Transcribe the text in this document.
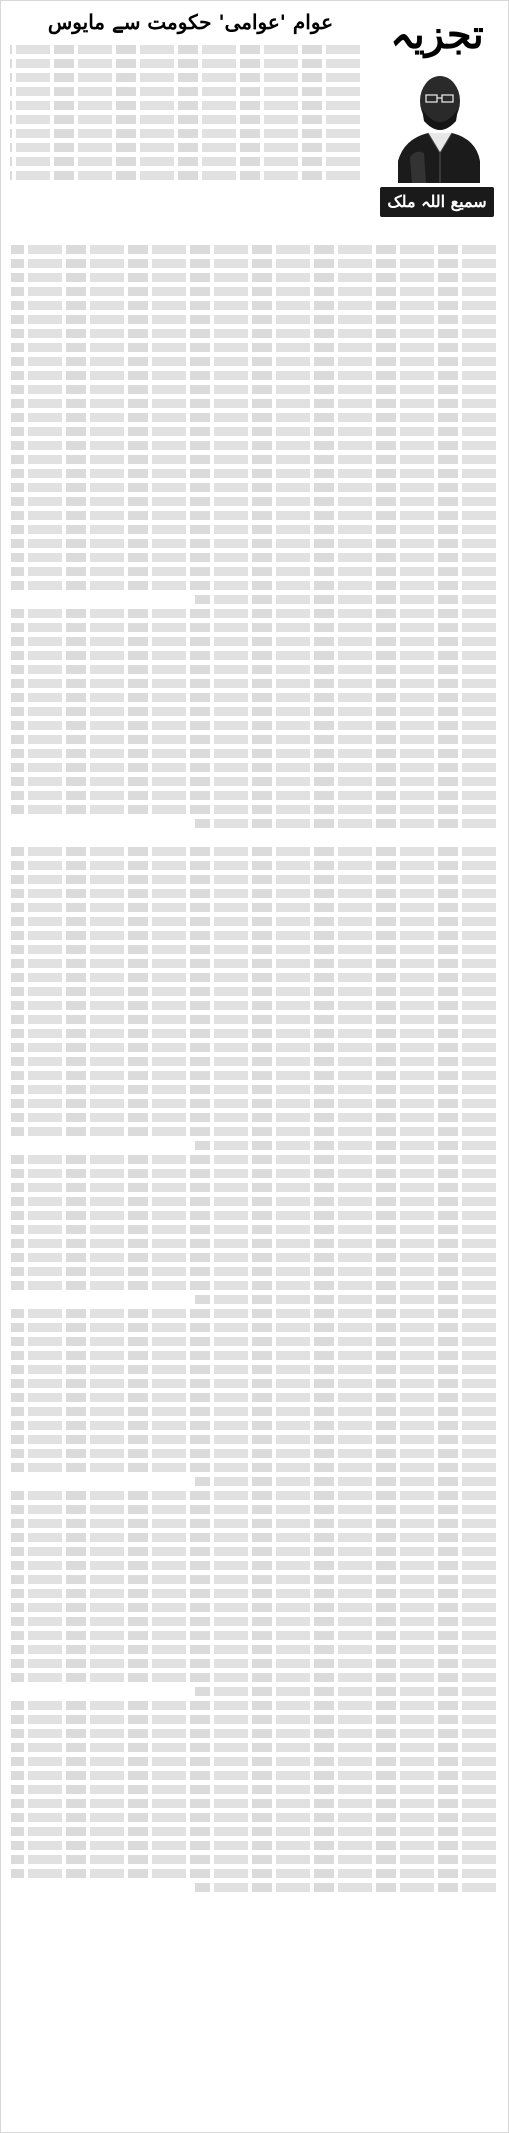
عوام 'عوامی' حکومت سے مایوس	تجزیہ
سمیع اللہ ملک
